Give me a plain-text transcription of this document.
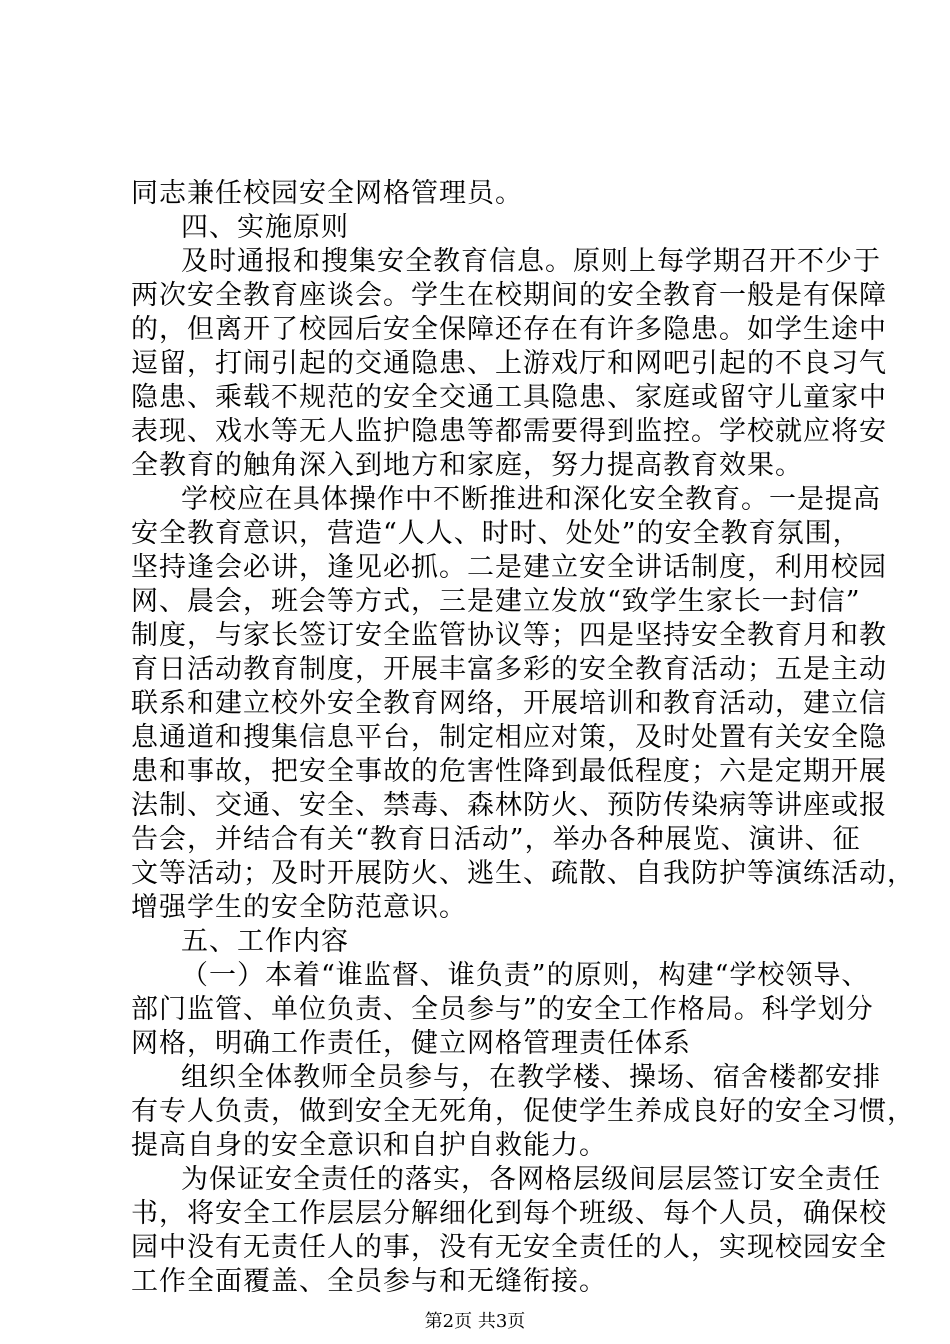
同志兼任校园安全网格管理员。
四、实施原则
及时通报和搜集安全教育信息。原则上每学期召开不少于
两次安全教育座谈会。学生在校期间的安全教育一般是有保障
的，但离开了校园后安全保障还存在有许多隐患。如学生途中
逗留，打闹引起的交通隐患、上游戏厅和网吧引起的不良习气
隐患、乘载不规范的安全交通工具隐患、家庭或留守儿童家中
表现、戏水等无人监护隐患等都需要得到监控。学校就应将安
全教育的触角深入到地方和家庭，努力提高教育效果。
学校应在具体操作中不断推进和深化安全教育。一是提高
安全教育意识，营造“人人、时时、处处”的安全教育氛围，
坚持逢会必讲，逢见必抓。二是建立安全讲话制度，利用校园
网、晨会，班会等方式，三是建立发放“致学生家长一封信”
制度，与家长签订安全监管协议等；四是坚持安全教育月和教
育日活动教育制度，开展丰富多彩的安全教育活动；五是主动
联系和建立校外安全教育网络，开展培训和教育活动，建立信
息通道和搜集信息平台，制定相应对策，及时处置有关安全隐
患和事故，把安全事故的危害性降到最低程度；六是定期开展
法制、交通、安全、禁毒、森林防火、预防传染病等讲座或报
告会，并结合有关“教育日活动”，举办各种展览、演讲、征
文等活动；及时开展防火、逃生、疏散、自我防护等演练活动，
增强学生的安全防范意识。
五、工作内容
（一）本着“谁监督、谁负责”的原则，构建“学校领导、
部门监管、单位负责、全员参与”的安全工作格局。科学划分
网格，明确工作责任，健立网格管理责任体系
组织全体教师全员参与，在教学楼、操场、宿舍楼都安排
有专人负责，做到安全无死角，促使学生养成良好的安全习惯，
提高自身的安全意识和自护自救能力。
为保证安全责任的落实，各网格层级间层层签订安全责任
书，将安全工作层层分解细化到每个班级、每个人员，确保校
园中没有无责任人的事，没有无安全责任的人，实现校园安全
工作全面覆盖、全员参与和无缝衔接。
第2页 共3页
